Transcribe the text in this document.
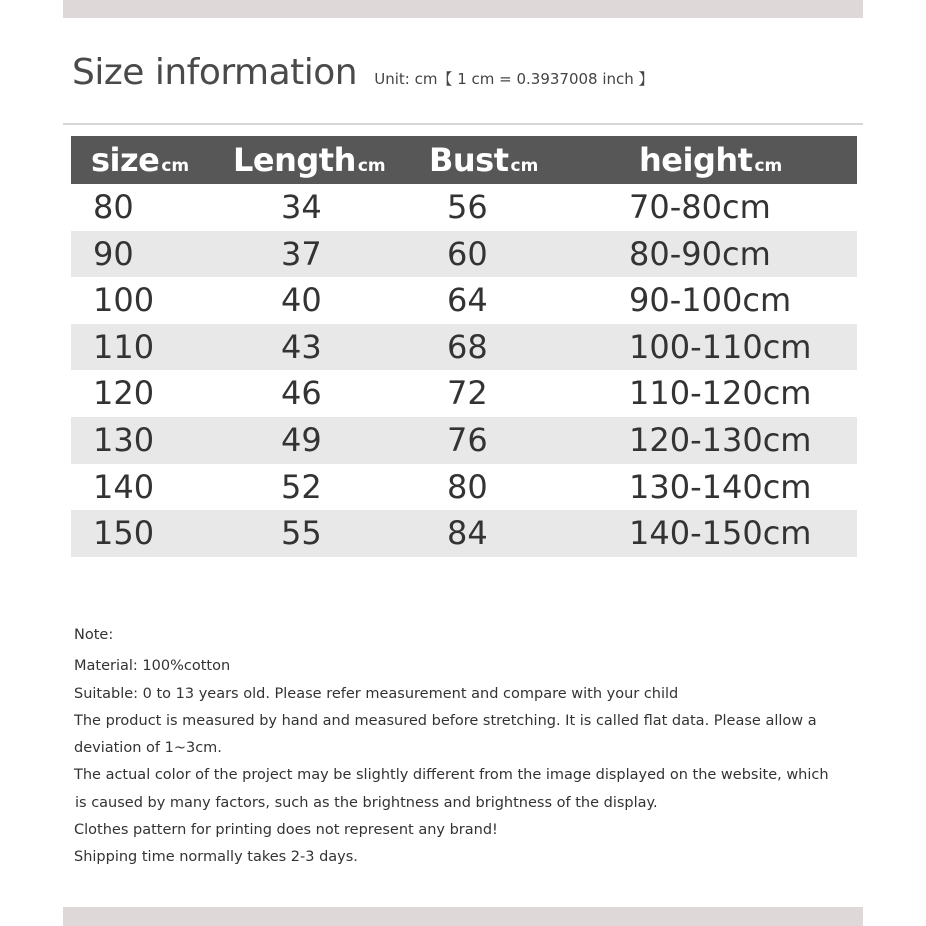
Size information Unit: cm【 1 cm = 0.3937008 inch 】
size cm Length cm Bust cm	height cm
80	34	56	70-80cm
90	37	60	80-90cm
100	40	64	90-100cm
110	43	68	100-110cm
120	46	72	110-120cm
130	49	76	120-130cm
140	52	80	130-140cm
150	55	84	140-150cm
Note:
Material: 100%cotton
Suitable: 0 to 13 years old. Please refer measurement and compare with your child
The product is measured by hand and measured before stretching. It is called flat data. Please allow a
deviation of 1~3cm.
The actual color of the project may be slightly different from the image displayed on the website, which
is caused by many factors, such as the brightness and brightness of the display.
Clothes pattern for printing does not represent any brand!
Shipping time normally takes 2-3 days.
